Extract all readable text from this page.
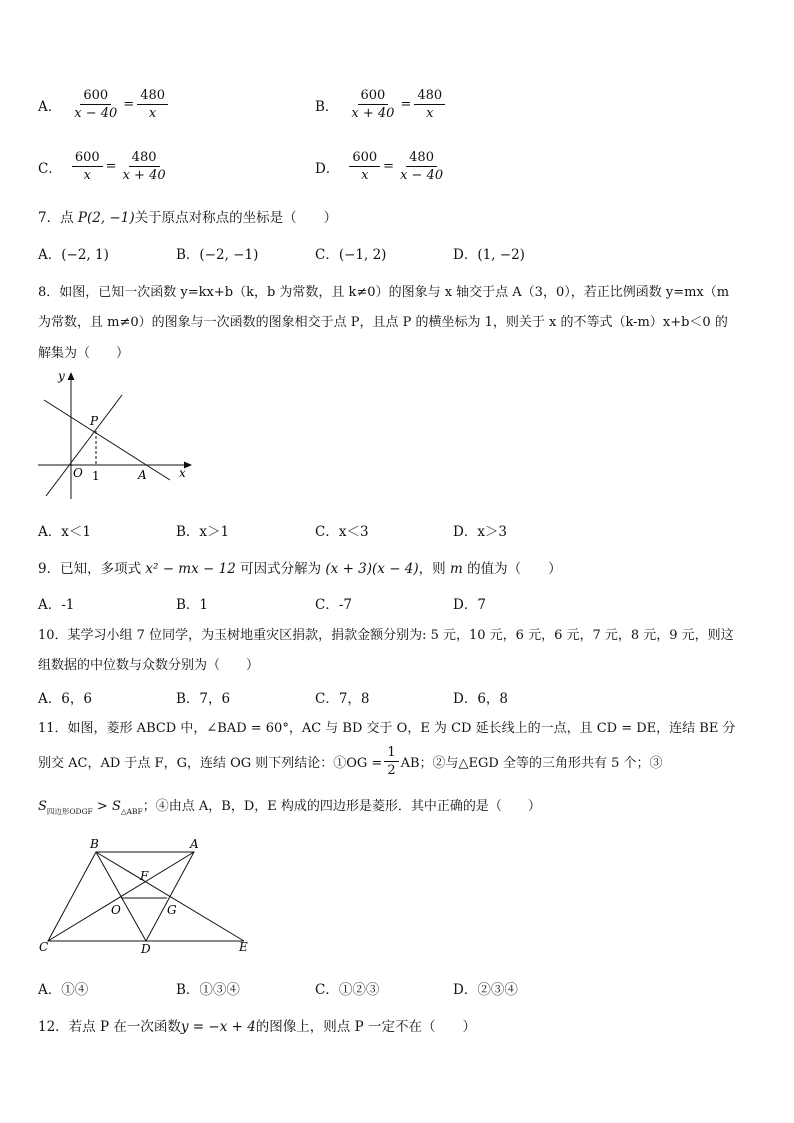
A． $\frac{600}{x - 40} = \frac{480}{x}$	B． $\frac{600}{x + 40} = \frac{480}{x}$
C． $\frac{600}{x} = \frac{480}{x + 40}$	D． $\frac{600}{x} = \frac{480}{x - 40}$
7．点 P(2, −1)关于原点对称点的坐标是（　　）
A．(−2, 1)	B．(−2, −1)	C．(−1, 2)	D．(1, −2)
8．如图，已知一次函数 y=kx+b（k，b 为常数，且 k≠0）的图象与 x 轴交于点 A（3，0），若正比例函数 y=mx（m
为常数，且 m≠0）的图象与一次函数的图象相交于点 P，且点 P 的横坐标为 1，则关于 x 的不等式（k-m）x+b＜0 的
解集为（　　）
y
x
P
O 1	A
A．x＜1	B．x＞1	C．x＜3	D．x＞3
9．已知，多项式 x² − mx − 12 可因式分解为 (x + 3)(x − 4)，则 m 的值为（　　）
A．-1	B．1	C．-7	D．7
10．某学习小组 7 位同学，为玉树地重灾区捐款，捐款金额分别为: 5 元，10 元，6 元，6 元，7 元，8 元，9 元，则这
组数据的中位数与众数分别为（　　）
A．6，6	B．7，6	C．7，8	D．6，8
11．如图，菱形 ABCD 中，∠BAD = 60°，AC 与 BD 交于 O，E 为 CD 延长线上的一点，且 CD = DE，连结 BE 分
别交 AC，AD 于点 F，G，连结 OG 则下列结论：①OG = $\frac{1}{2}$ AB；②与△EGD 全等的三角形共有 5 个；③
$S_{四边形ODGF} > S_{\triangle ABF}$；④由点 A，B，D，E 构成的四边形是菱形．其中正确的是（　　）
B	A
F
O	G
C	D	E
A．①④	B．①③④	C．①②③	D．②③④
12．若点 P 在一次函数y = −x + 4的图像上，则点 P 一定不在（　　）
